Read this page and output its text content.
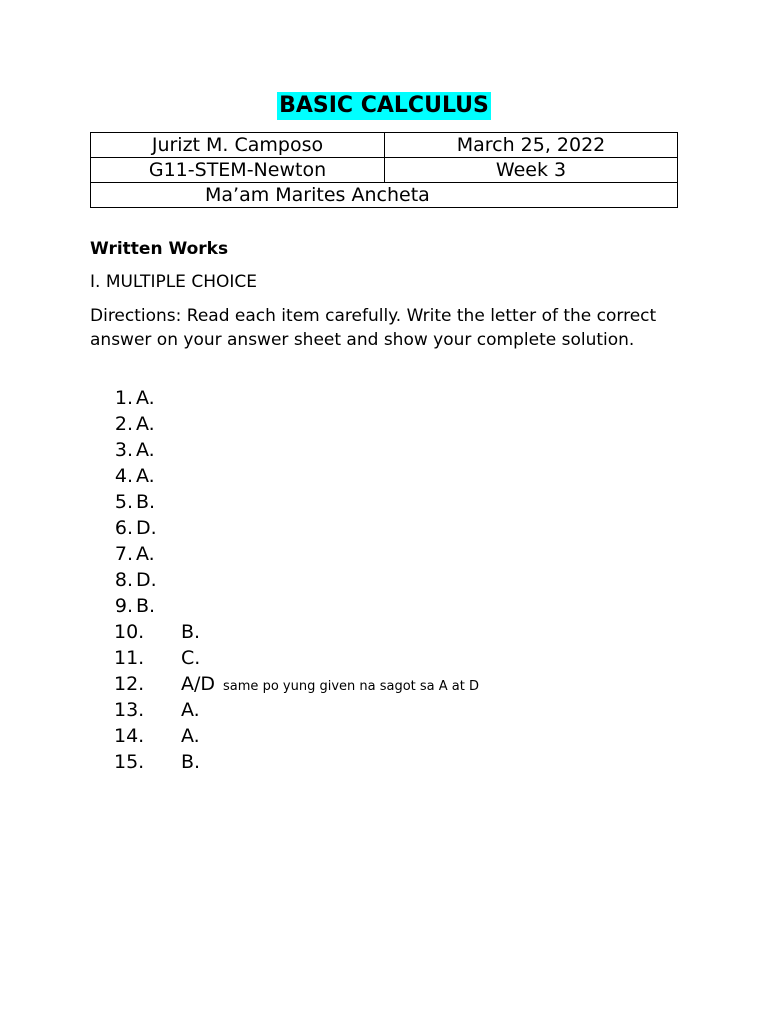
BASIC CALCULUS
Jurizt M. Camposo	March 25, 2022
G11-STEM-Newton	Week 3
Ma’am Marites Ancheta	
Written Works
I. MULTIPLE CHOICE
Directions: Read each item carefully. Write the letter of the correct answer on your answer sheet and show your complete solution.
1. A.
2. A.
3. A.
4. A.
5. B.
6. D.
7. A.
8. D.
9. B.
10. B.
11. C.
12. A/D same po yung given na sagot sa A at D
13. A.
14. A.
15. B.
